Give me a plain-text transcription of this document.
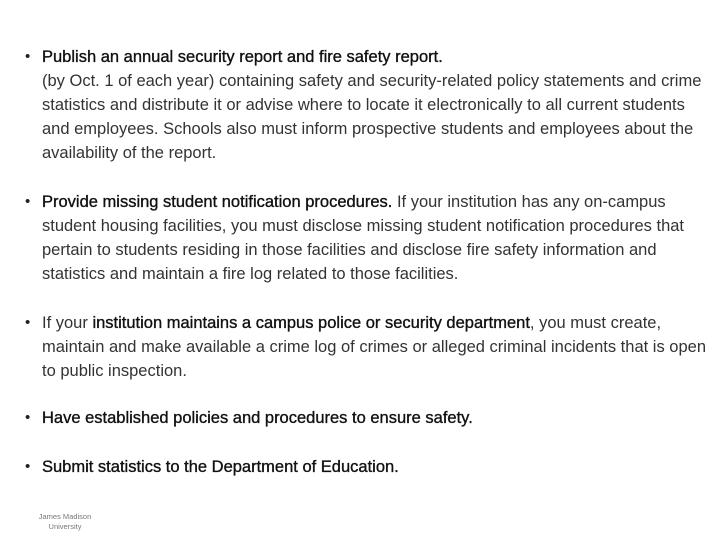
• Publish an annual security report and fire safety report.
(by Oct. 1 of each year) containing safety and security-related policy statements and crime statistics and distribute it or advise where to locate it electronically to all current students and employees. Schools also must inform prospective students and employees about the availability of the report.
• Provide missing student notification procedures. If your institution has any on-campus student housing facilities, you must disclose missing student notification procedures that pertain to students residing in those facilities and disclose fire safety information and statistics and maintain a fire log related to those facilities.
• If your institution maintains a campus police or security department, you must create, maintain and make available a crime log of crimes or alleged criminal incidents that is open to public inspection.
• Have established policies and procedures to ensure safety.
• Submit statistics to the Department of Education.
James Madison
University
